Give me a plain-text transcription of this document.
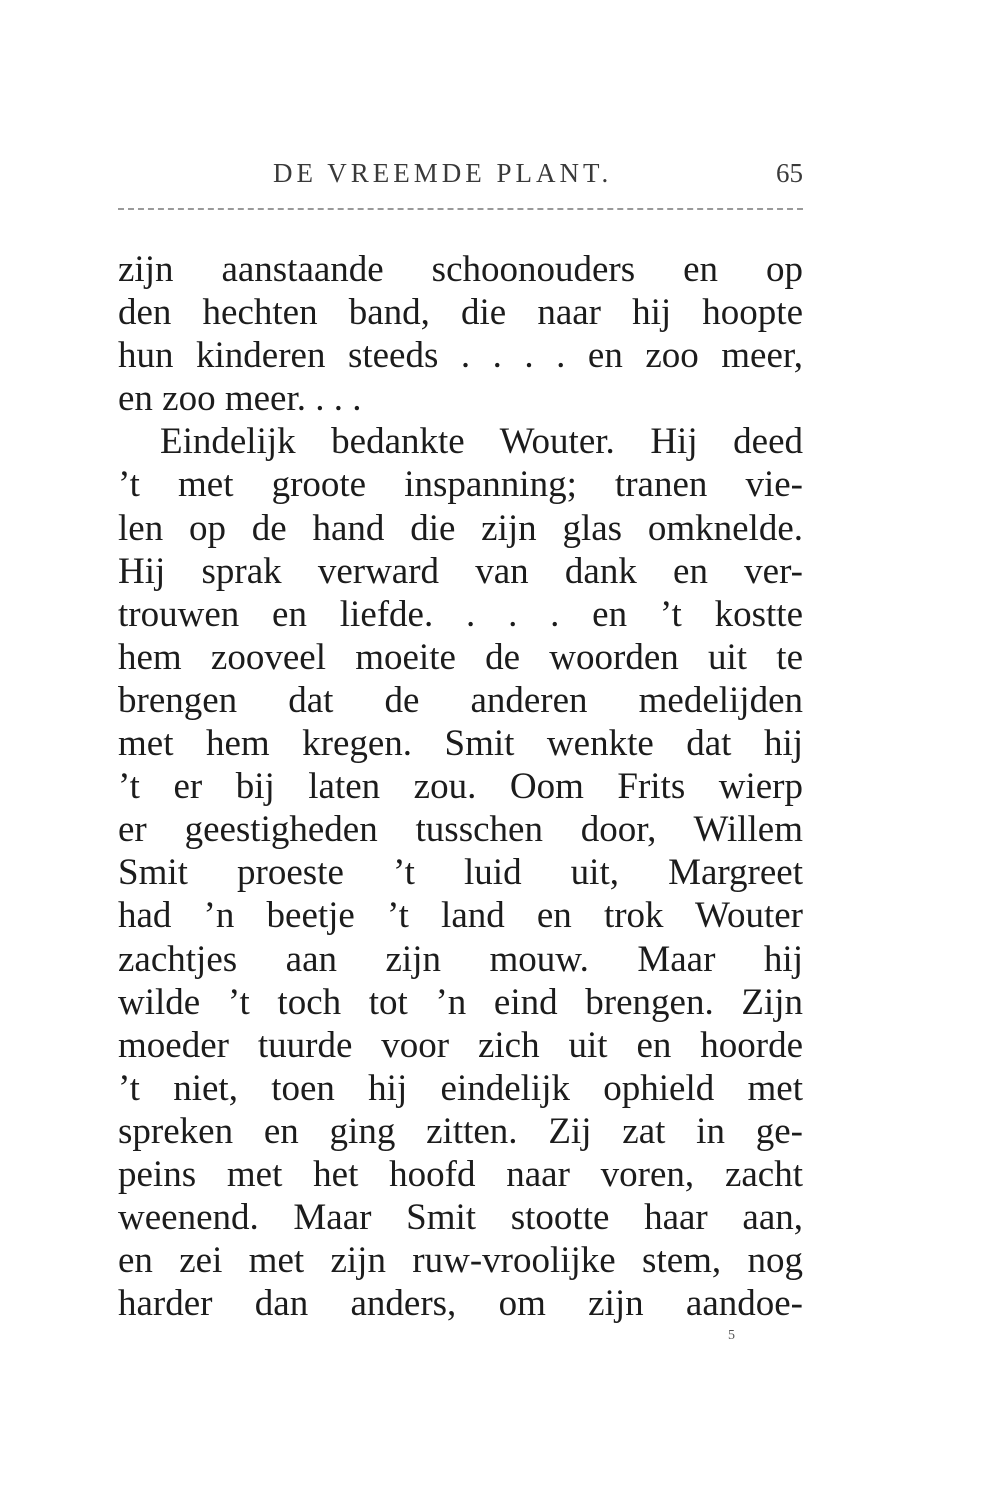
DE VREEMDE PLANT.	65
zijn aanstaande schoonouders en op
den hechten band, die naar hij hoopte
hun kinderen steeds . . . . en zoo meer,
en zoo meer. . . .
Eindelijk bedankte Wouter. Hij deed
’t met groote inspanning; tranen vie-
len op de hand die zijn glas omknelde.
Hij sprak verward van dank en ver-
trouwen en liefde. . . . en ’t kostte
hem zooveel moeite de woorden uit te
brengen dat de anderen medelijden
met hem kregen. Smit wenkte dat hij
’t er bij laten zou. Oom Frits wierp
er geestigheden tusschen door, Willem
Smit proeste ’t luid uit, Margreet
had ’n beetje ’t land en trok Wouter
zachtjes aan zijn mouw. Maar hij
wilde ’t toch tot ’n eind brengen. Zijn
moeder tuurde voor zich uit en hoorde
’t niet, toen hij eindelijk ophield met
spreken en ging zitten. Zij zat in ge-
peins met het hoofd naar voren, zacht
weenend. Maar Smit stootte haar aan,
en zei met zijn ruw-vroolijke stem, nog
harder dan anders, om zijn aandoe-
5
